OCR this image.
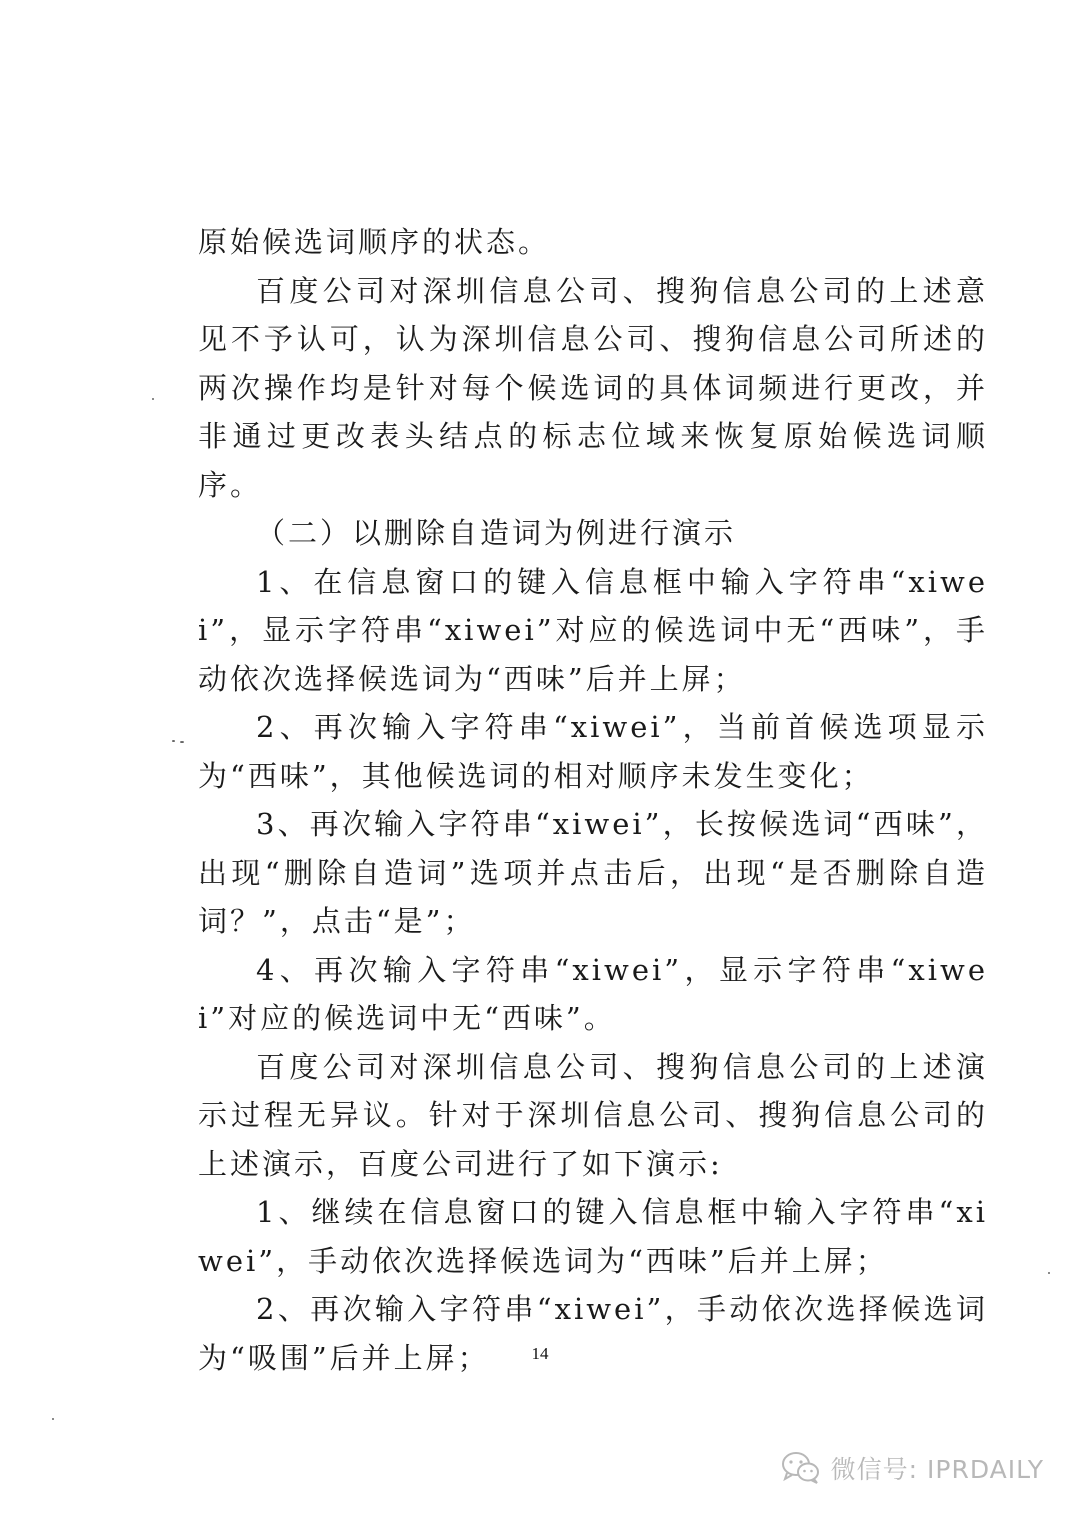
原始候选词顺序的状态。

百度公司对深圳信息公司、搜狗信息公司的上述意见不予认可，认为深圳信息公司、搜狗信息公司所述的两次操作均是针对每个候选词的具体词频进行更改，并非通过更改表头结点的标志位域来恢复原始候选词顺序。

（二）以删除自造词为例进行演示

1、在信息窗口的键入信息框中输入字符串“xiwei”，显示字符串“xiwei”对应的候选词中无“西味”，手动依次选择候选词为“西味”后并上屏；

2、再次输入字符串“xiwei”，当前首候选项显示为“西味”，其他候选词的相对顺序未发生变化；

3、再次输入字符串“xiwei”，长按候选词“西味”，出现“删除自造词”选项并点击后，出现“是否删除自造词？”，点击“是”；

4、再次输入字符串“xiwei”，显示字符串“xiwei”对应的候选词中无“西味”。

百度公司对深圳信息公司、搜狗信息公司的上述演示过程无异议。针对于深圳信息公司、搜狗信息公司的上述演示，百度公司进行了如下演示:

1、继续在信息窗口的键入信息框中输入字符串“xiwei”，手动依次选择候选词为“西味”后并上屏；

2、再次输入字符串“xiwei”，手动依次选择候选词为“吸围”后并上屏；	14
微信号: IPRDAILY
